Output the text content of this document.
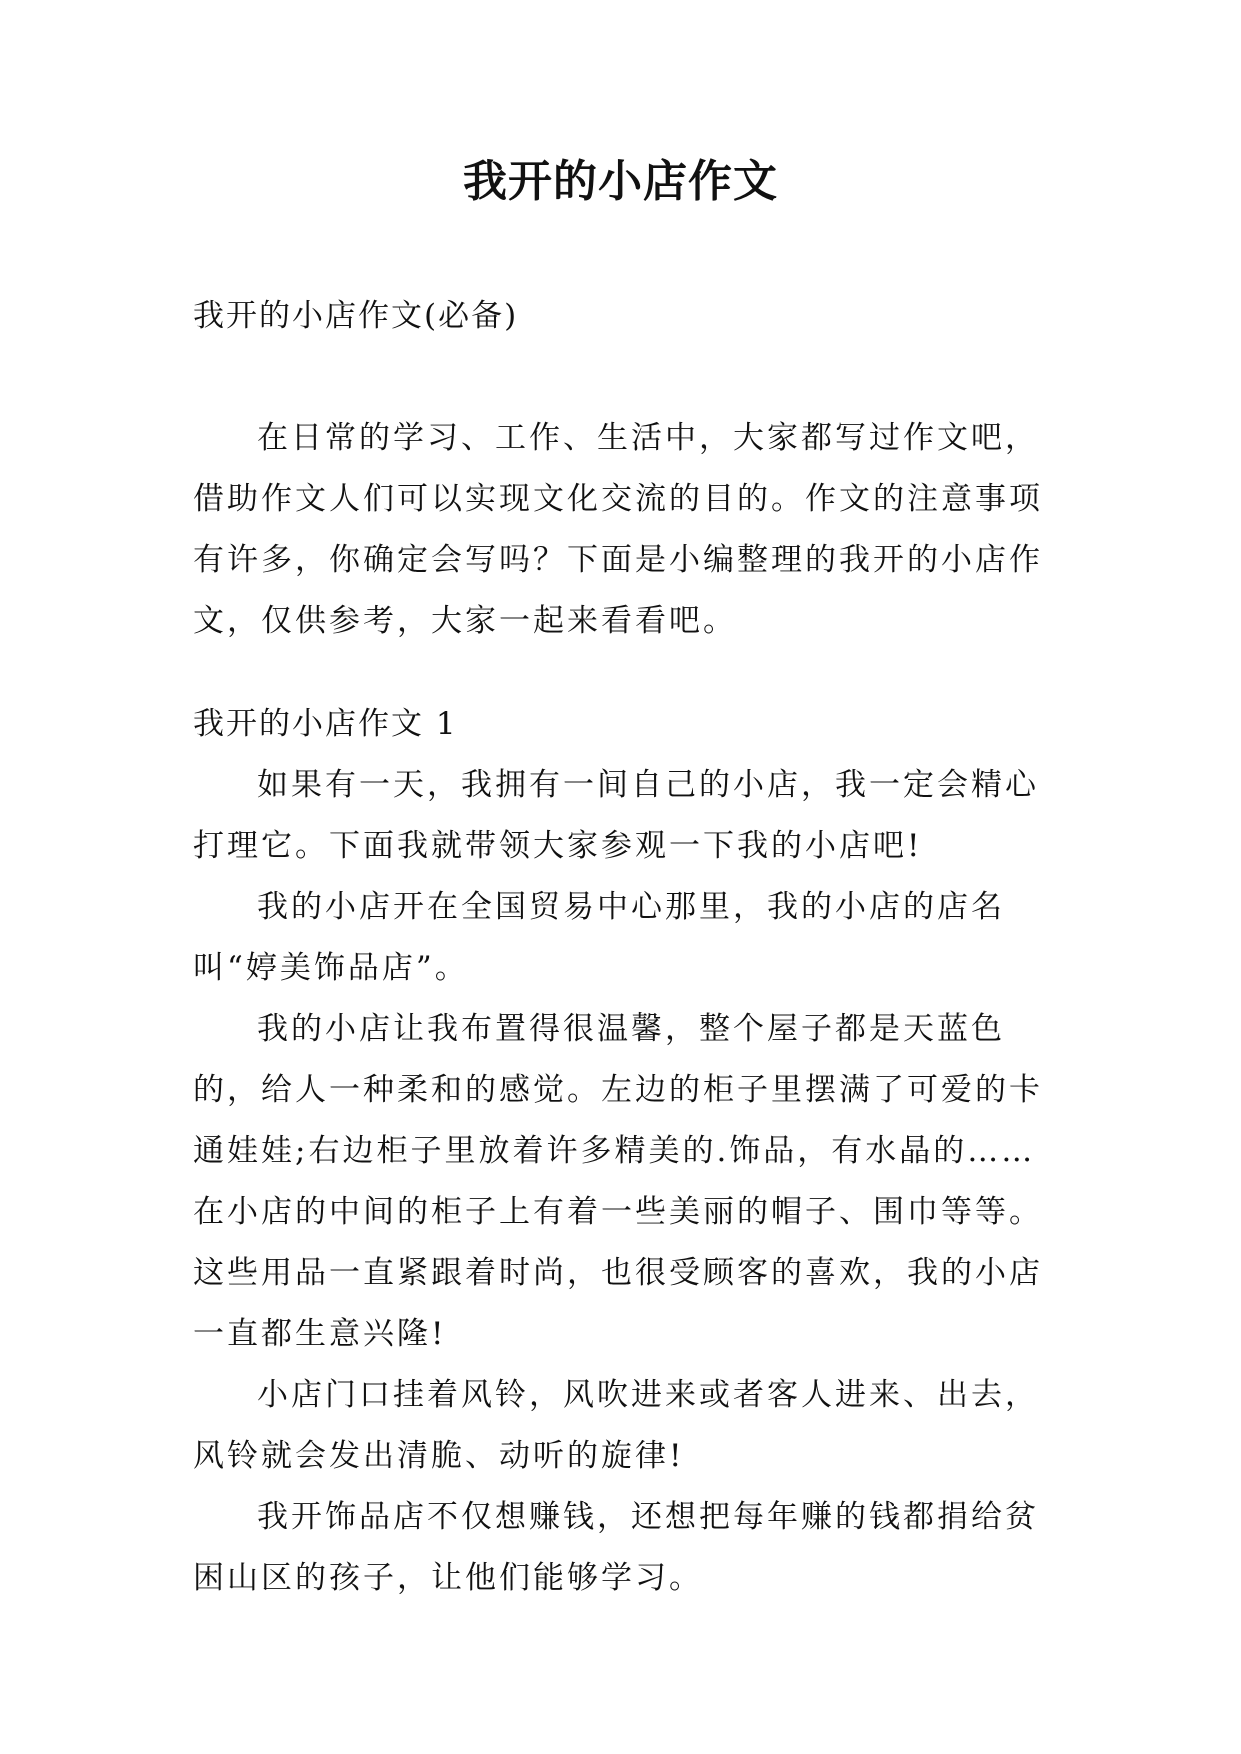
我开的小店作文

我开的小店作文(必备)

在日常的学习、工作、生活中，大家都写过作文吧，借助作文人们可以实现文化交流的目的。作文的注意事项有许多，你确定会写吗？下面是小编整理的我开的小店作文，仅供参考，大家一起来看看吧。

我开的小店作文 1

如果有一天，我拥有一间自己的小店，我一定会精心打理它。下面我就带领大家参观一下我的小店吧!

我的小店开在全国贸易中心那里，我的小店的店名叫“婷美饰品店”。

我的小店让我布置得很温馨，整个屋子都是天蓝色的，给人一种柔和的感觉。左边的柜子里摆满了可爱的卡通娃娃;右边柜子里放着许多精美的.饰品，有水晶的……在小店的中间的柜子上有着一些美丽的帽子、围巾等等。这些用品一直紧跟着时尚，也很受顾客的喜欢，我的小店一直都生意兴隆!

小店门口挂着风铃，风吹进来或者客人进来、出去，风铃就会发出清脆、动听的旋律!

我开饰品店不仅想赚钱，还想把每年赚的钱都捐给贫困山区的孩子，让他们能够学习。
